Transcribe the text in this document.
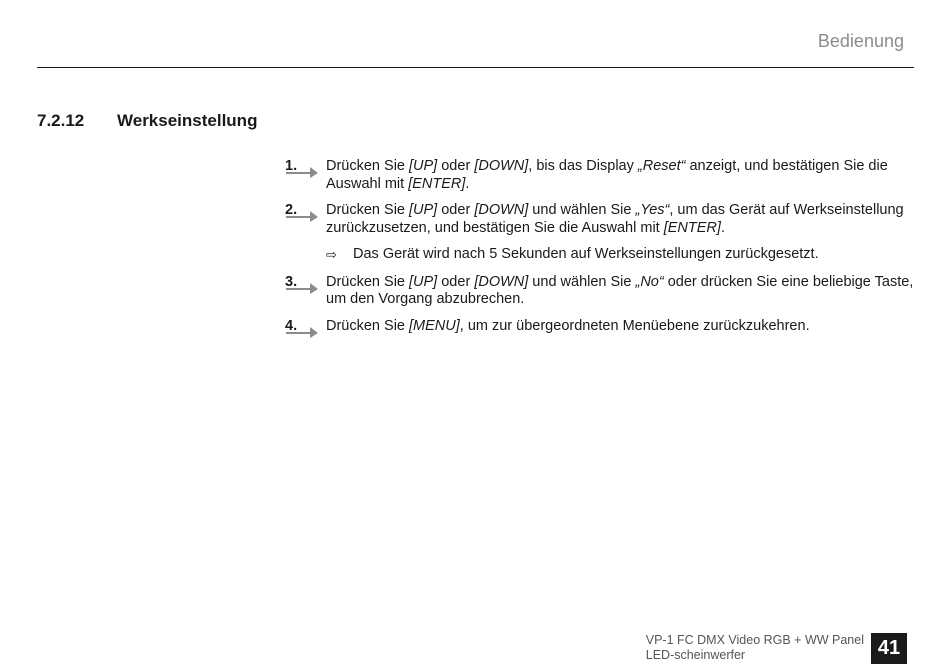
Bedienung
7.2.12 Werkseinstellung
1.	Drücken Sie [UP] oder [DOWN], bis das Display „Reset“ anzeigt, und bestätigen Sie die Auswahl mit [ENTER].
2.	Drücken Sie [UP] oder [DOWN] und wählen Sie „Yes“, um das Gerät auf Werkseinstellung zurückzusetzen, und bestätigen Sie die Auswahl mit [ENTER].
⇨ Das Gerät wird nach 5 Sekunden auf Werkseinstellungen zurückgesetzt.
3.	Drücken Sie [UP] oder [DOWN] und wählen Sie „No“ oder drücken Sie eine beliebige Taste, um den Vorgang abzubrechen.
4.	Drücken Sie [MENU], um zur übergeordneten Menüebene zurückzukehren.
VP-1 FC DMX Video RGB + WW Panel
LED-scheinwerfer	41
